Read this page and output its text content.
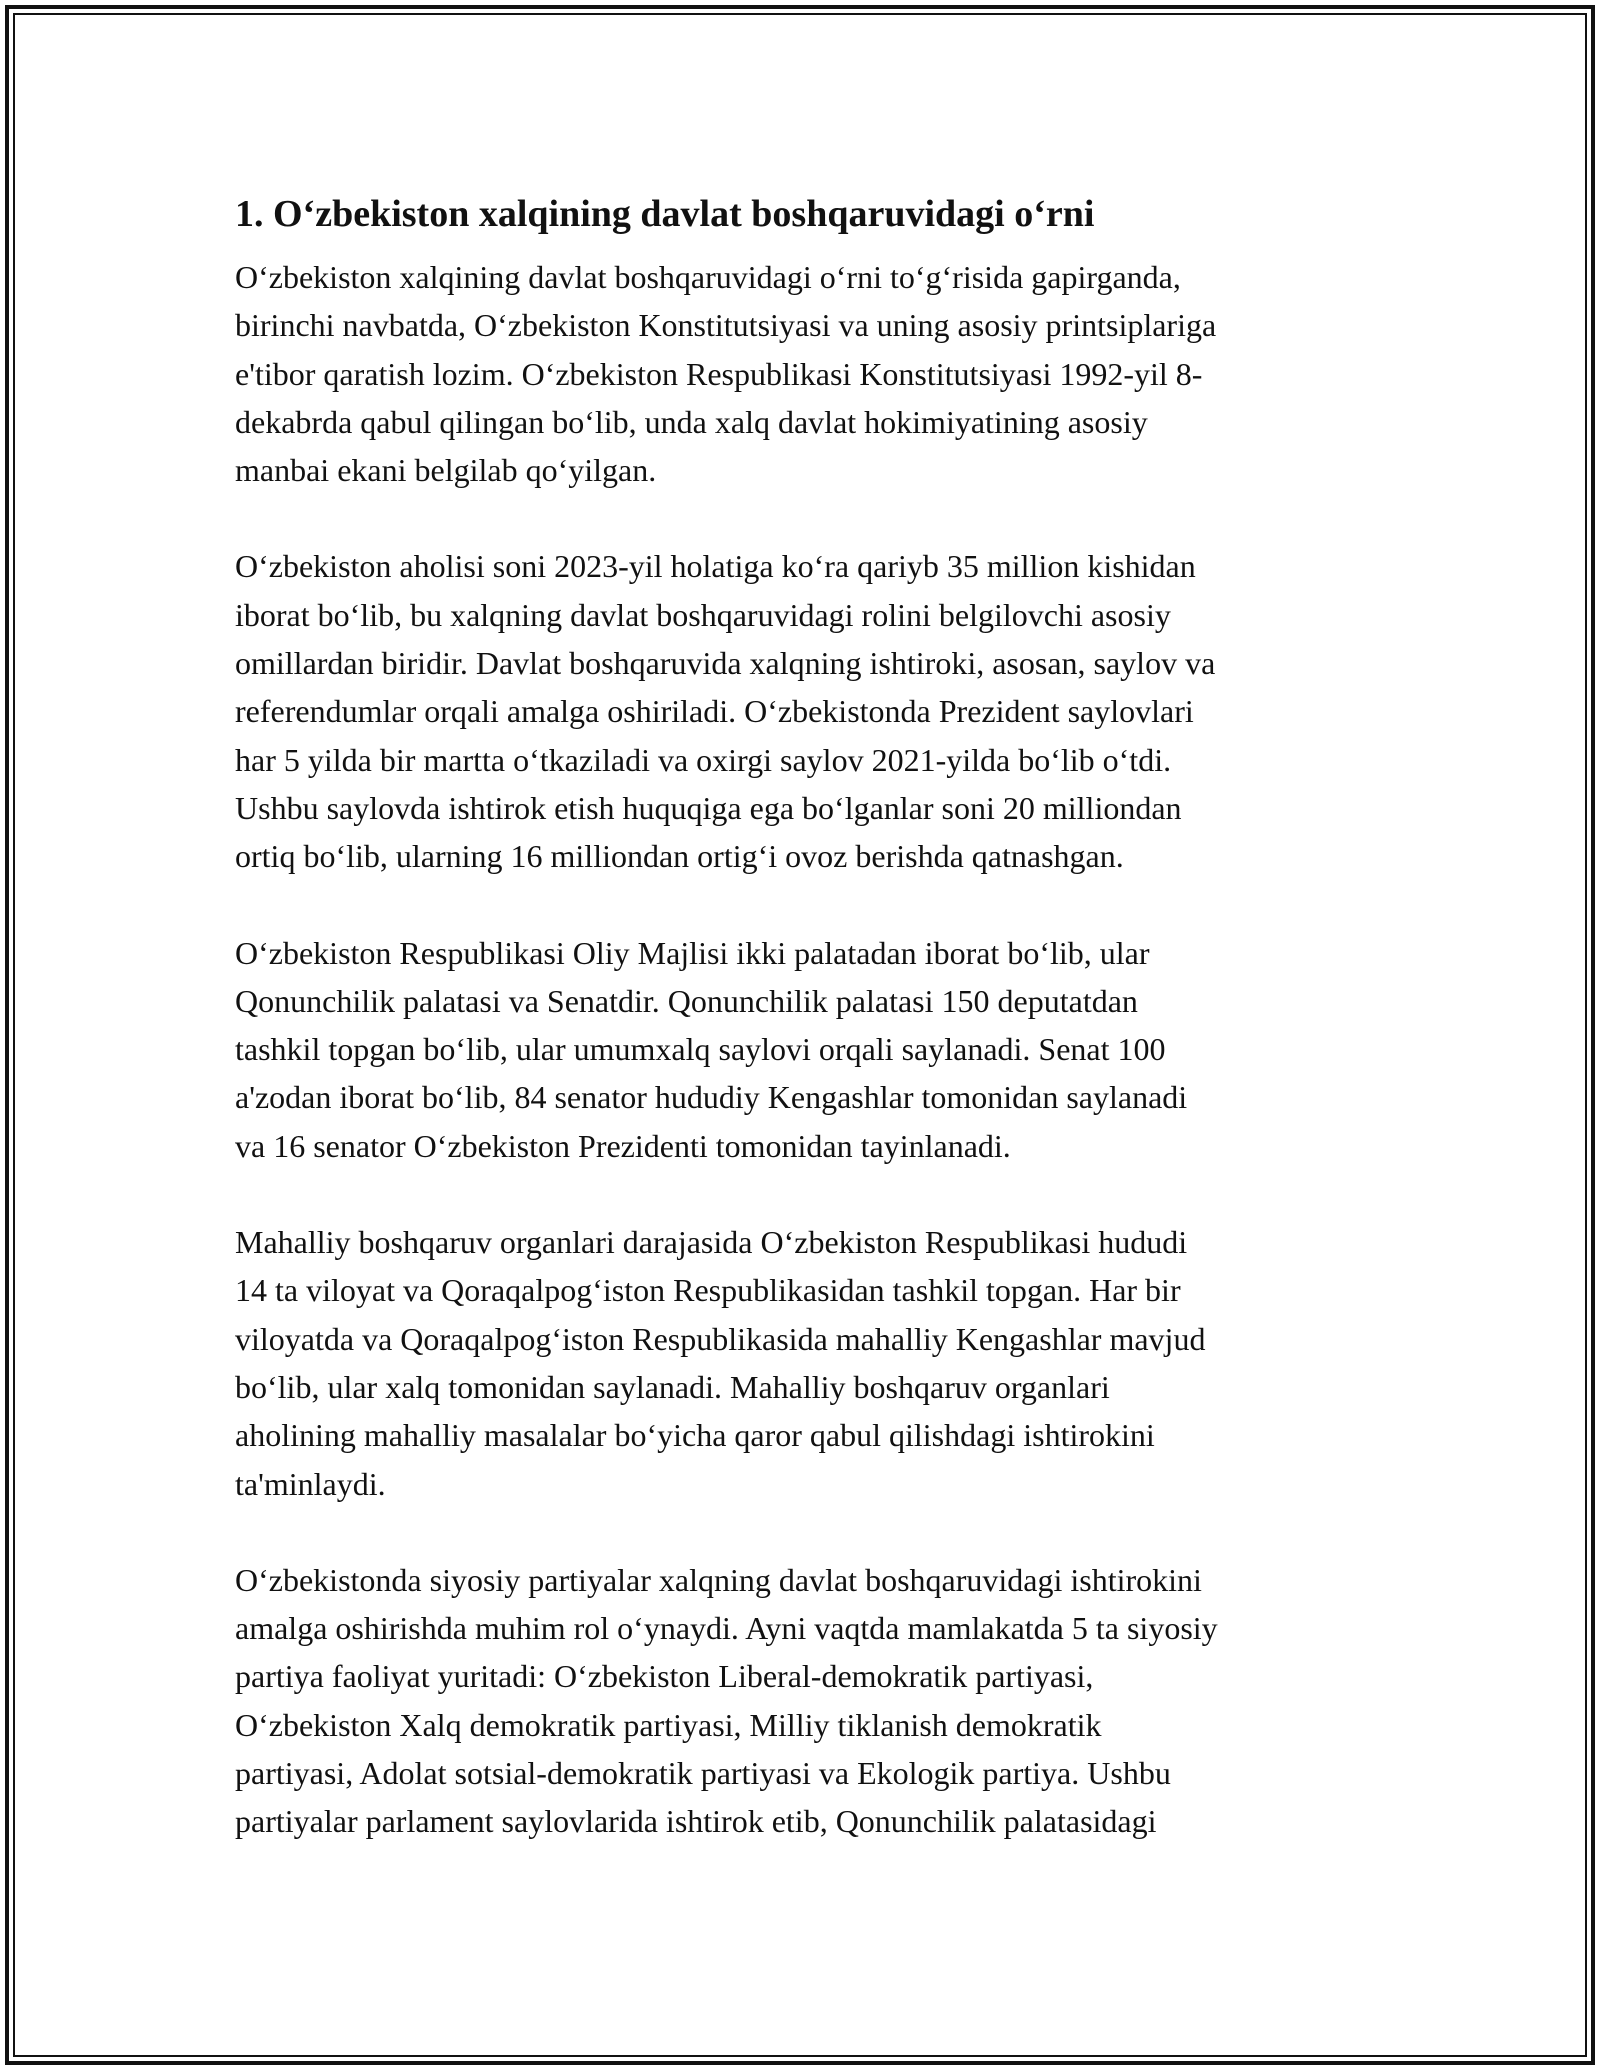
1. O‘zbekiston xalqining davlat boshqaruvidagi o‘rni

O‘zbekiston xalqining davlat boshqaruvidagi o‘rni to‘g‘risida gapirganda,
birinchi navbatda, O‘zbekiston Konstitutsiyasi va uning asosiy printsiplariga
e'tibor qaratish lozim. O‘zbekiston Respublikasi Konstitutsiyasi 1992-yil 8-
dekabrda qabul qilingan bo‘lib, unda xalq davlat hokimiyatining asosiy
manbai ekani belgilab qo‘yilgan.

O‘zbekiston aholisi soni 2023-yil holatiga ko‘ra qariyb 35 million kishidan
iborat bo‘lib, bu xalqning davlat boshqaruvidagi rolini belgilovchi asosiy
omillardan biridir. Davlat boshqaruvida xalqning ishtiroki, asosan, saylov va
referendumlar orqali amalga oshiriladi. O‘zbekistonda Prezident saylovlari
har 5 yilda bir martta o‘tkaziladi va oxirgi saylov 2021-yilda bo‘lib o‘tdi.
Ushbu saylovda ishtirok etish huquqiga ega bo‘lganlar soni 20 milliondan
ortiq bo‘lib, ularning 16 milliondan ortig‘i ovoz berishda qatnashgan.

O‘zbekiston Respublikasi Oliy Majlisi ikki palatadan iborat bo‘lib, ular
Qonunchilik palatasi va Senatdir. Qonunchilik palatasi 150 deputatdan
tashkil topgan bo‘lib, ular umumxalq saylovi orqali saylanadi. Senat 100
a'zodan iborat bo‘lib, 84 senator hududiy Kengashlar tomonidan saylanadi
va 16 senator O‘zbekiston Prezidenti tomonidan tayinlanadi.

Mahalliy boshqaruv organlari darajasida O‘zbekiston Respublikasi hududi
14 ta viloyat va Qoraqalpog‘iston Respublikasidan tashkil topgan. Har bir
viloyatda va Qoraqalpog‘iston Respublikasida mahalliy Kengashlar mavjud
bo‘lib, ular xalq tomonidan saylanadi. Mahalliy boshqaruv organlari
aholining mahalliy masalalar bo‘yicha qaror qabul qilishdagi ishtirokini
ta'minlaydi.

O‘zbekistonda siyosiy partiyalar xalqning davlat boshqaruvidagi ishtirokini
amalga oshirishda muhim rol o‘ynaydi. Ayni vaqtda mamlakatda 5 ta siyosiy
partiya faoliyat yuritadi: O‘zbekiston Liberal-demokratik partiyasi,
O‘zbekiston Xalq demokratik partiyasi, Milliy tiklanish demokratik
partiyasi, Adolat sotsial-demokratik partiyasi va Ekologik partiya. Ushbu
partiyalar parlament saylovlarida ishtirok etib, Qonunchilik palatasidagi
